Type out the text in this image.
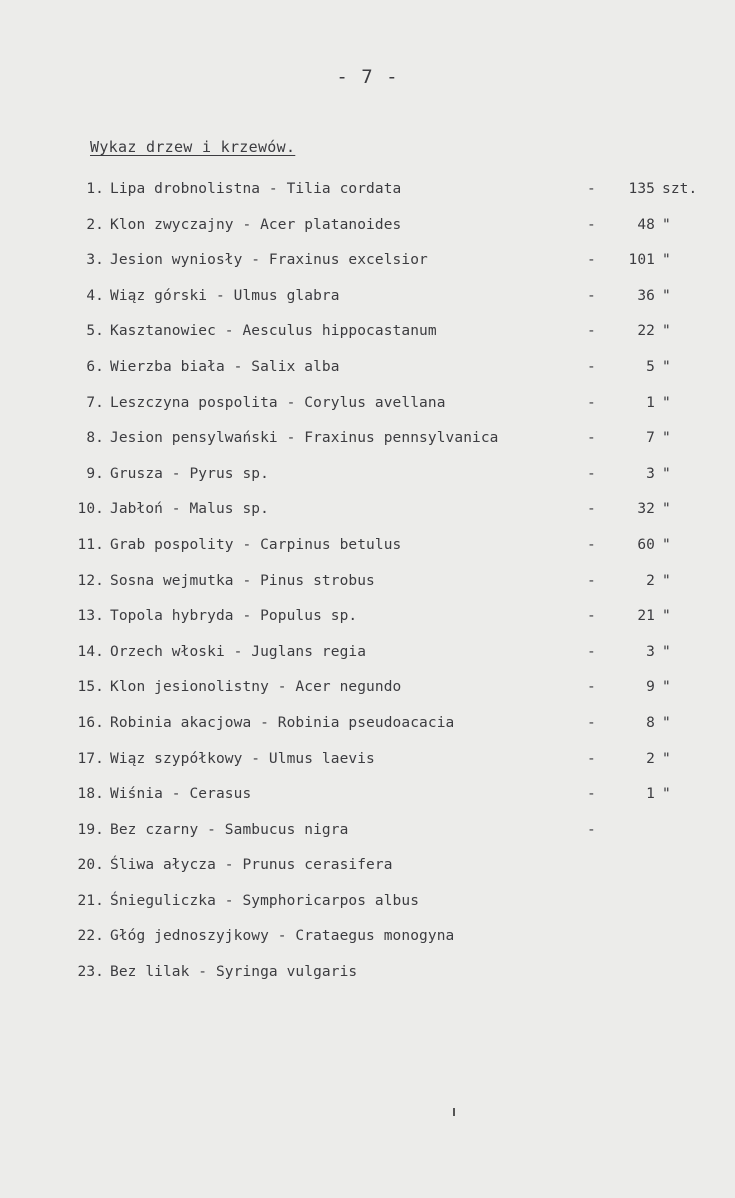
- 7 -
Wykaz drzew i krzewów.
1. Lipa drobnolistna - Tilia cordata	-	135 szt.
2. Klon zwyczajny - Acer platanoides	-	48 "
3. Jesion wyniosły - Fraxinus excelsior	-	101 "
4. Wiąz górski - Ulmus glabra	-	36 "
5. Kasztanowiec - Aesculus hippocastanum	-	22 "
6. Wierzba biała - Salix alba	-	5 "
7. Leszczyna pospolita - Corylus avellana	-	1 "
8. Jesion pensylwański - Fraxinus pennsylvanica	-	7 "
9. Grusza - Pyrus sp.	-	3 "
10. Jabłoń - Malus sp.	-	32 "
11. Grab pospolity - Carpinus betulus	-	60 "
12. Sosna wejmutka - Pinus strobus	-	2 "
13. Topola hybryda - Populus sp.	-	21 "
14. Orzech włoski - Juglans regia	-	3 "
15. Klon jesionolistny - Acer negundo	-	9 "
16. Robinia akacjowa - Robinia pseudoacacia	-	8 "
17. Wiąz szypółkowy - Ulmus laevis	-	2 "
18. Wiśnia - Cerasus	-	1 "
19. Bez czarny - Sambucus nigra	-
20. Śliwa ałycza - Prunus cerasifera
21. Śnieguliczka - Symphoricarpos albus
22. Głóg jednoszyjkowy - Crataegus monogyna
23. Bez lilak - Syringa vulgaris
